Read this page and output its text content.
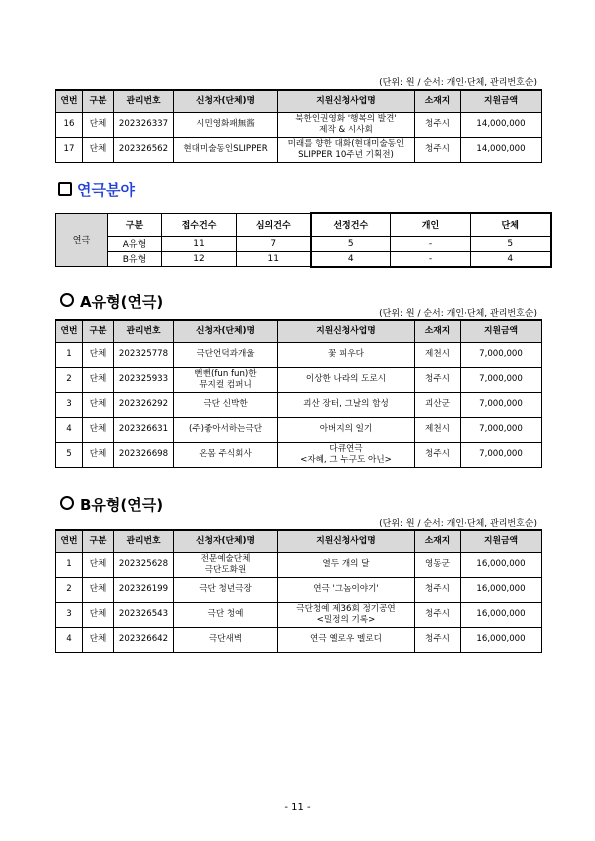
(단위: 원 / 순서: 개인·단체, 관리번호순)
연번	구분	관리번호	신청자(단체)명	지원신청사업명	소재지	지원금액
16	단체	202326337	시민영화패無酱	북한인권영화 '행복의 발견'
제작 & 시사회	청주시	14,000,000
17	단체	202326562	현대미술동인SLIPPER	미래를 향한 대화(현대미술동인
SLIPPER 10주년 기획전)	청주시	14,000,000
연극분야
연극	구분	접수건수	심의건수	선정건수	개인	단체
	A유형	11	7	5	-	5
	B유형	12	11	4	-	4
A유형(연극)
(단위: 원 / 순서: 개인·단체, 관리번호순)
연번	구분	관리번호	신청자(단체)명	지원신청사업명	소재지	지원금액
1	단체	202325778	극단언덕과개울	꽃 피우다	제천시	7,000,000
2	단체	202325933	뻔뻔(fun fun)한
뮤지컬 컴퍼니	이상한 나라의 도로시	청주시	7,000,000
3	단체	202326292	극단 신박한	괴산 장터, 그날의 함성	괴산군	7,000,000
4	단체	202326631	(주)좋아서하는극단	아버지의 일기	제천시	7,000,000
5	단체	202326698	온몸 주식회사	다큐연극
<자혜, 그 누구도 아닌>	청주시	7,000,000
B유형(연극)
(단위: 원 / 순서: 개인·단체, 관리번호순)
연번	구분	관리번호	신청자(단체)명	지원신청사업명	소재지	지원금액
1	단체	202325628	전문예술단체
극단도화원	열두 개의 달	영동군	16,000,000
2	단체	202326199	극단 청년극장	연극 '그놈이야기'	청주시	16,000,000
3	단체	202326543	극단 청예	극단청예 제36회 정기공연
<밀정의 기록>	청주시	16,000,000
4	단체	202326642	극단새벽	연극 옐로우 멜로디	청주시	16,000,000
- 11 -
